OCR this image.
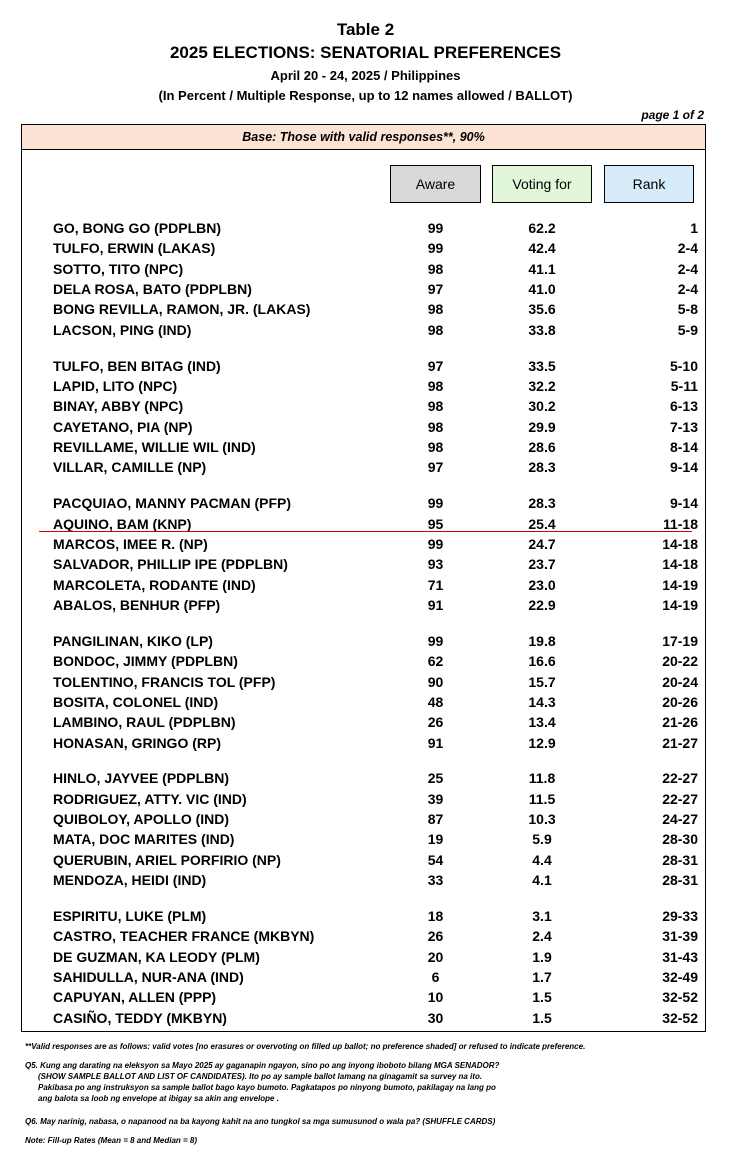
Table 2
2025 ELECTIONS: SENATORIAL PREFERENCES
April 20 - 24, 2025 / Philippines
(In Percent / Multiple Response, up to 12 names allowed / BALLOT)
page 1 of 2
Base: Those with valid responses**, 90%
Aware	Voting for	Rank
GO, BONG GO (PDPLBN)	99	62.2	1
TULFO, ERWIN (LAKAS)	99	42.4	2-4
SOTTO, TITO (NPC)	98	41.1	2-4
DELA ROSA, BATO (PDPLBN)	97	41.0	2-4
BONG REVILLA, RAMON, JR. (LAKAS)	98	35.6	5-8
LACSON, PING (IND)	98	33.8	5-9
TULFO, BEN BITAG (IND)	97	33.5	5-10
LAPID, LITO (NPC)	98	32.2	5-11
BINAY, ABBY (NPC)	98	30.2	6-13
CAYETANO, PIA (NP)	98	29.9	7-13
REVILLAME, WILLIE WIL (IND)	98	28.6	8-14
VILLAR, CAMILLE (NP)	97	28.3	9-14
PACQUIAO, MANNY PACMAN (PFP)	99	28.3	9-14
AQUINO, BAM (KNP)	95	25.4	11-18
MARCOS, IMEE R. (NP)	99	24.7	14-18
SALVADOR, PHILLIP IPE (PDPLBN)	93	23.7	14-18
MARCOLETA, RODANTE (IND)	71	23.0	14-19
ABALOS, BENHUR (PFP)	91	22.9	14-19
PANGILINAN, KIKO (LP)	99	19.8	17-19
BONDOC, JIMMY (PDPLBN)	62	16.6	20-22
TOLENTINO, FRANCIS TOL (PFP)	90	15.7	20-24
BOSITA, COLONEL (IND)	48	14.3	20-26
LAMBINO, RAUL (PDPLBN)	26	13.4	21-26
HONASAN, GRINGO (RP)	91	12.9	21-27
HINLO, JAYVEE (PDPLBN)	25	11.8	22-27
RODRIGUEZ, ATTY. VIC (IND)	39	11.5	22-27
QUIBOLOY, APOLLO (IND)	87	10.3	24-27
MATA, DOC MARITES (IND)	19	5.9	28-30
QUERUBIN, ARIEL PORFIRIO (NP)	54	4.4	28-31
MENDOZA, HEIDI (IND)	33	4.1	28-31
ESPIRITU, LUKE (PLM)	18	3.1	29-33
CASTRO, TEACHER FRANCE (MKBYN)	26	2.4	31-39
DE GUZMAN, KA LEODY (PLM)	20	1.9	31-43
SAHIDULLA, NUR-ANA (IND)	6	1.7	32-49
CAPUYAN, ALLEN (PPP)	10	1.5	32-52
CASIÑO, TEDDY (MKBYN)	30	1.5	32-52
**Valid responses are as follows: valid votes [no erasures or overvoting on filled up ballot; no preference shaded] or refused to indicate preference.
Q5. Kung ang darating na eleksyon sa Mayo 2025 ay gaganapin ngayon, sino po ang inyong iboboto bilang MGA SENADOR?
(SHOW SAMPLE BALLOT AND LIST OF CANDIDATES). Ito po ay sample ballot lamang na ginagamit sa survey na ito.
Pakibasa po ang instruksyon sa sample ballot bago kayo bumoto. Pagkatapos po ninyong bumoto, pakilagay na lang po
ang balota sa loob ng envelope at ibigay sa akin ang envelope .
Q6. May narinig, nabasa, o napanood na ba kayong kahit na ano tungkol sa mga sumusunod o wala pa? (SHUFFLE CARDS)
Note: Fill-up Rates (Mean = 8 and Median = 8)
